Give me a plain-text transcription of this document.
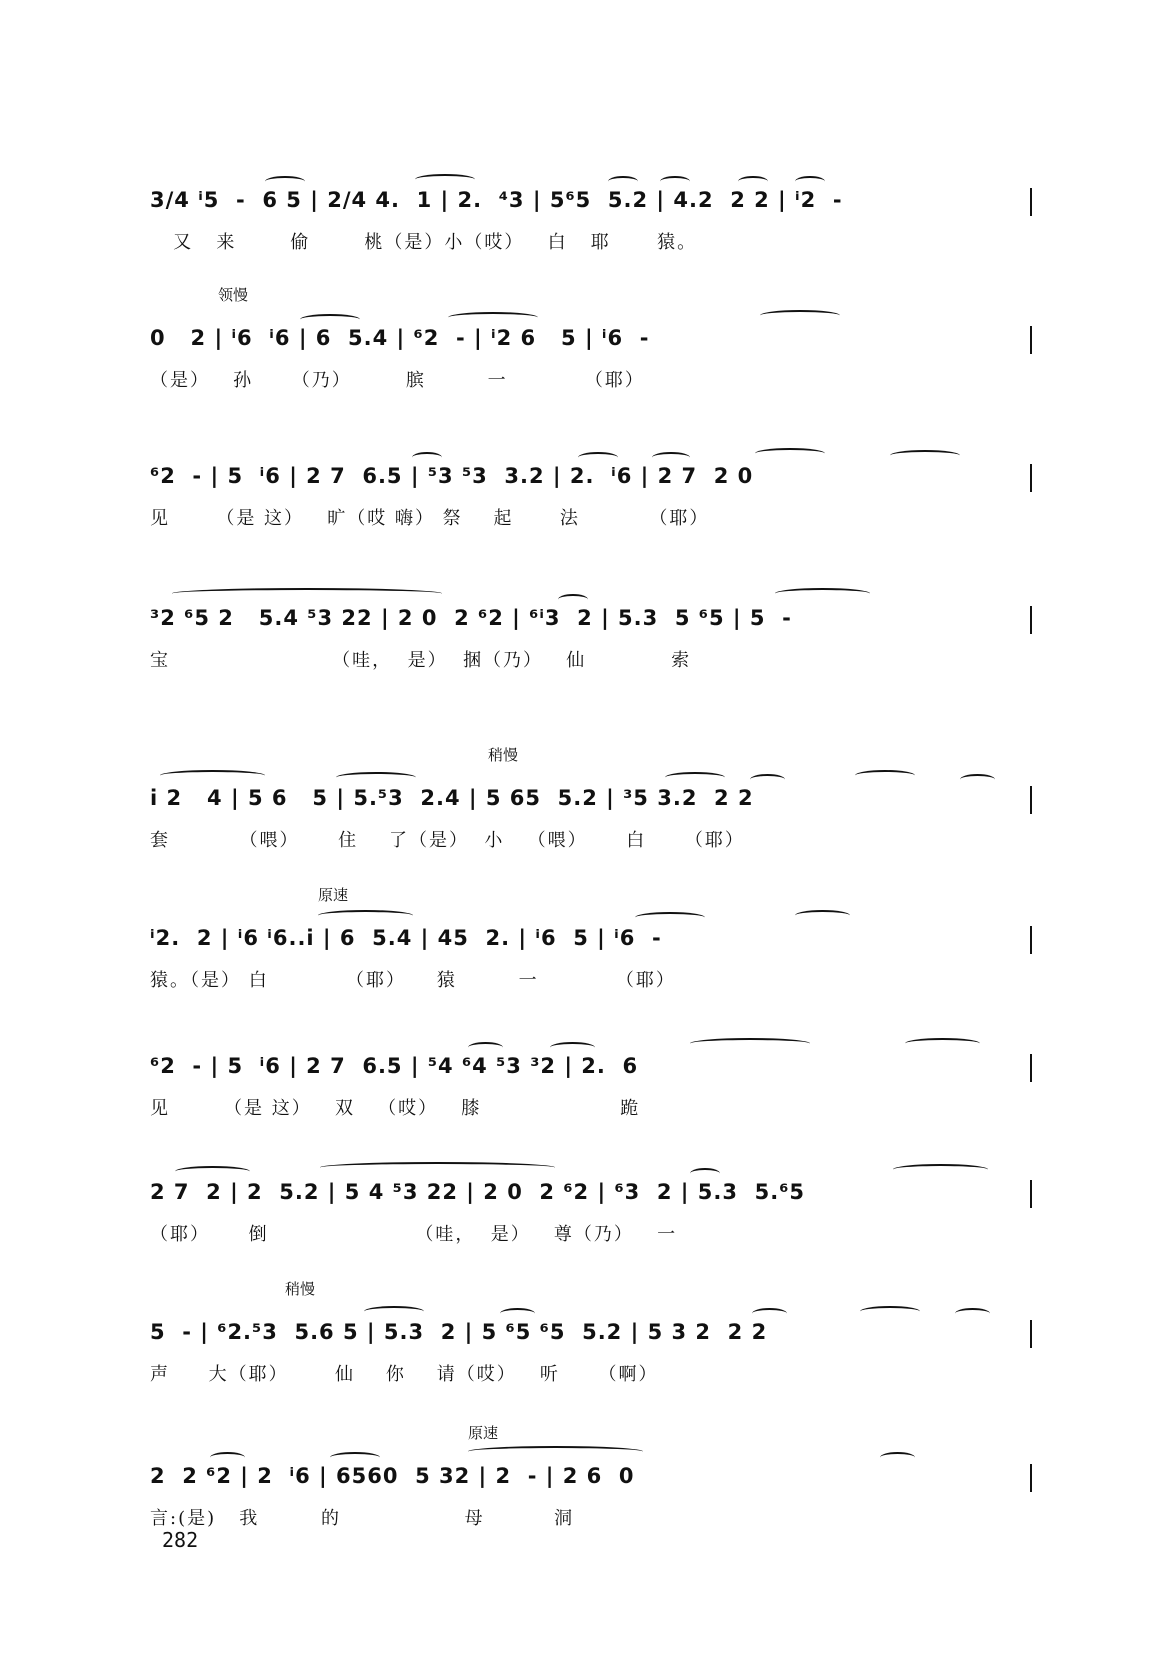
3/4 ⁱ5  -  6 5 | 2/4 4.  1 | 2.  ⁴3 | 5⁶5  5.2 | 4.2  2 2 | ⁱ2  -
又   来       偷       桃（是）小（哎）   白   耶      猿。
领慢
0   2 | ⁱ6  ⁱ6 | 6  5.4 | ⁶2  - | ⁱ2 6   5 | ⁱ6  -
（是）   孙     （乃）       膑        一          （耶）
⁶2  - | 5  ⁱ6 | 2 7  6.5 | ⁵3 ⁵3  3.2 | 2.  ⁱ6 | 2 7  2 0
见      （是 这）   旷（哎 嗨） 祭    起      法         （耶）
³2 ⁶5 2   5.4 ⁵3 22 | 2 0  2 ⁶2 | ⁶ⁱ3  2 | 5.3  5 ⁶5 | 5  -
宝                     （哇，  是）  捆（乃）   仙           索
稍慢
i 2   4 | 5 6   5 | 5.⁵3  2.4 | 5 65  5.2 | ³5 3.2  2 2
套         （喂）     住    了（是）  小   （喂）     白     （耶）
原速
ⁱ2.  2 | ⁱ6 ⁱ6..i | 6  5.4 | 45  2. | ⁱ6  5 | ⁱ6  -
猿。（是） 白          （耶）    猿        一          （耶）
⁶2  - | 5  ⁱ6 | 2 7  6.5 | ⁵4 ⁶4 ⁵3 ³2 | 2.  6
见       （是 这）   双   （哎）   膝                  跪
2 7  2 | 2  5.2 | 5 4 ⁵3 22 | 2 0  2 ⁶2 | ⁶3  2 | 5.3  5.⁶5
（耶）     倒                   （哇，  是）   尊（乃）   一
稍慢
5  - | ⁶2.⁵3  5.6 5 | 5.3  2 | 5 ⁶5 ⁶5  5.2 | 5 3 2  2 2
声     大（耶）      仙    你    请（哎）   听     （啊）
原速
2  2 ⁶2 | 2  ⁱ6 | 6560  5 32 | 2  - | 2 6  0
言:(是)   我        的                母         洞
282
